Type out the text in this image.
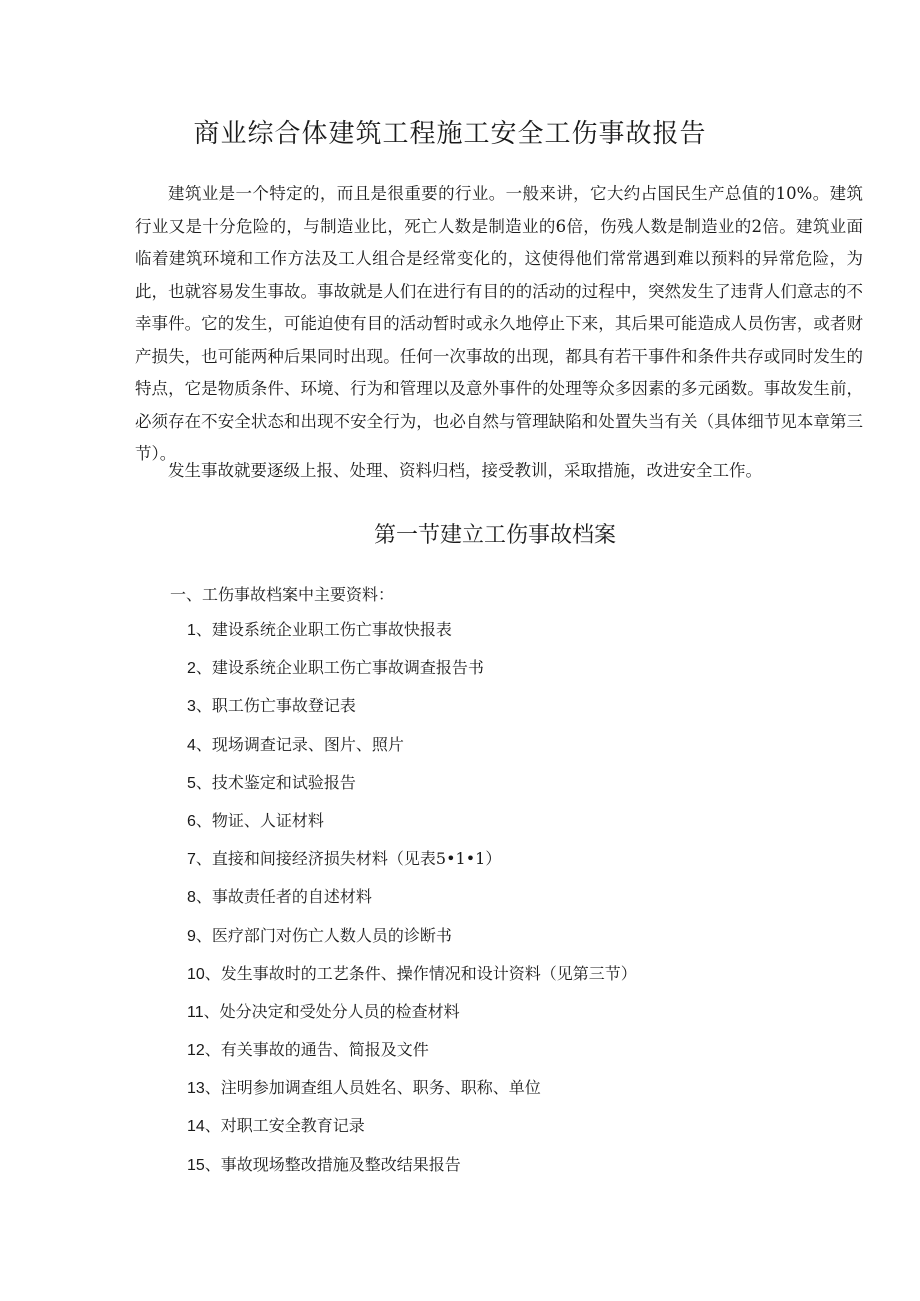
商业综合体建筑工程施工安全工伤事故报告

建筑业是一个特定的，而且是很重要的行业。一般来讲，它大约占国民生产总值的10%。建筑行业又是十分危险的，与制造业比，死亡人数是制造业的6倍，伤残人数是制造业的2倍。建筑业面临着建筑环境和工作方法及工人组合是经常变化的，这使得他们常常遇到难以预料的异常危险，为此，也就容易发生事故。事故就是人们在进行有目的的活动的过程中，突然发生了违背人们意志的不幸事件。它的发生，可能迫使有目的活动暂时或永久地停止下来，其后果可能造成人员伤害，或者财产损失，也可能两种后果同时出现。任何一次事故的出现，都具有若干事件和条件共存或同时发生的特点，它是物质条件、环境、行为和管理以及意外事件的处理等众多因素的多元函数。事故发生前，必须存在不安全状态和出现不安全行为，也必自然与管理缺陷和处置失当有关（具体细节见本章第三节）。

发生事故就要逐级上报、处理、资料归档，接受教训，采取措施，改进安全工作。

第一节建立工伤事故档案

一、工伤事故档案中主要资料：

1、建设系统企业职工伤亡事故快报表
2、建设系统企业职工伤亡事故调查报告书
3、职工伤亡事故登记表
4、现场调查记录、图片、照片
5、技术鉴定和试验报告
6、物证、人证材料
7、直接和间接经济损失材料（见表5•1•1）
8、事故责任者的自述材料
9、医疗部门对伤亡人数人员的诊断书
10、发生事故时的工艺条件、操作情况和设计资料（见第三节）
11、处分决定和受处分人员的检查材料
12、有关事故的通告、简报及文件
13、注明参加调查组人员姓名、职务、职称、单位
14、对职工安全教育记录
15、事故现场整改措施及整改结果报告
